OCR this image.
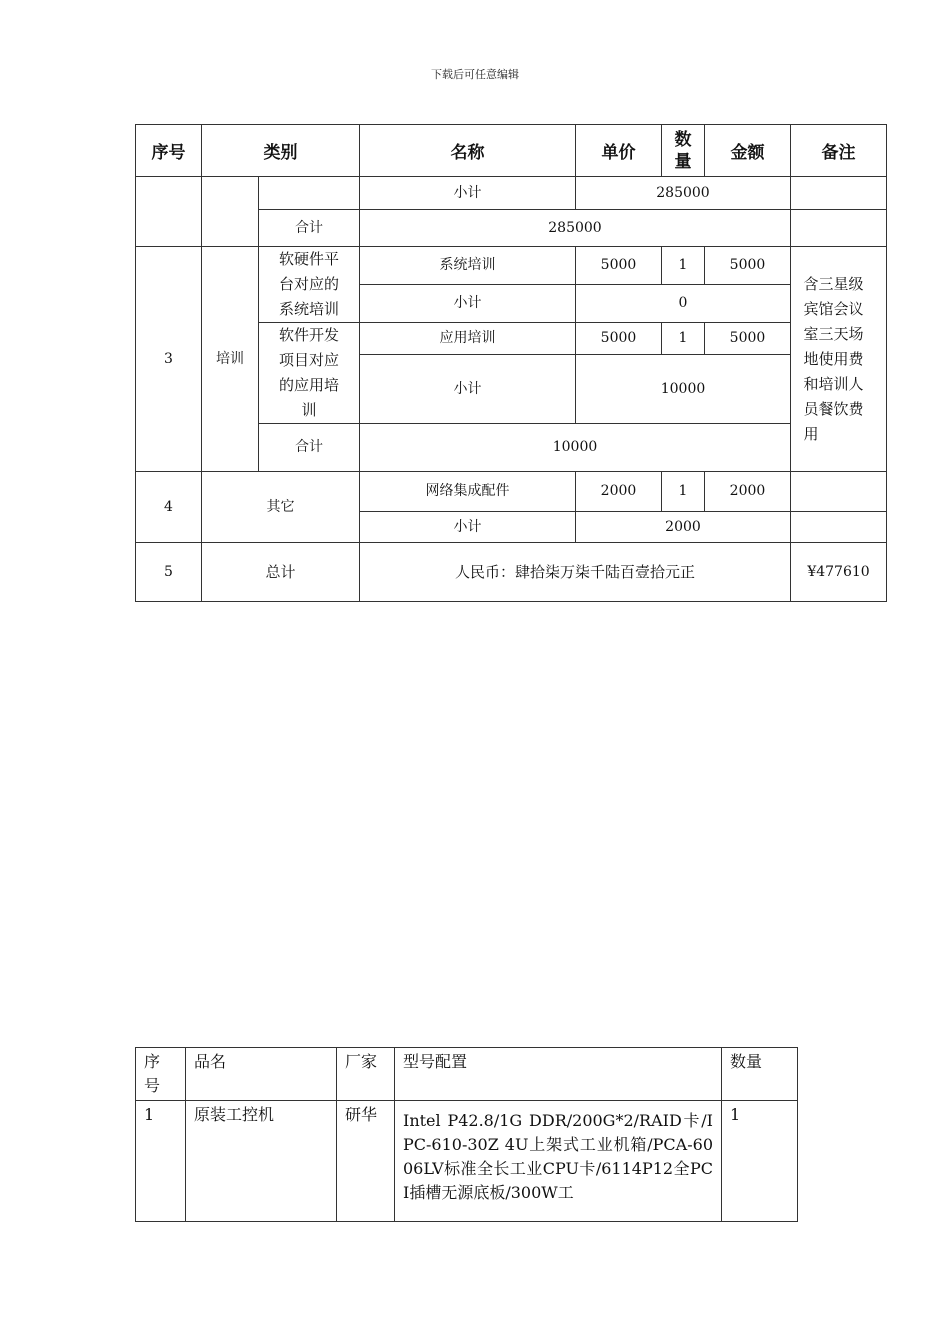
下载后可任意编辑
序号	类别		名称	单价	数量	金额	备注
			小计	285000			
		合计	285000				
3	培训	软硬件平台对应的系统培训	系统培训	5000	1	5000	含三星级宾馆会议室三天场地使用费和培训人员餐饮费用

			小计	0			

		软件开发项目对应的应用培训	应用培训	5000	1	5000	
			小计	10000			

		合计	10000				
4	其它		网络集成配件	2000	1	2000	
			小计	2000			
5	总计		人民币：肆拾柒万柒千陆百壹拾元正				¥477610
序号	品名	厂家	型号配置	数量
1	原装工控机	研华	Intel P42.8/1G DDR/200G*2/RAID卡/IPC-610-30Z 4U上架式工业机箱/PCA-6006LV标准全长工业CPU卡/6114P12全PCI插槽无源底板/300W工	1
